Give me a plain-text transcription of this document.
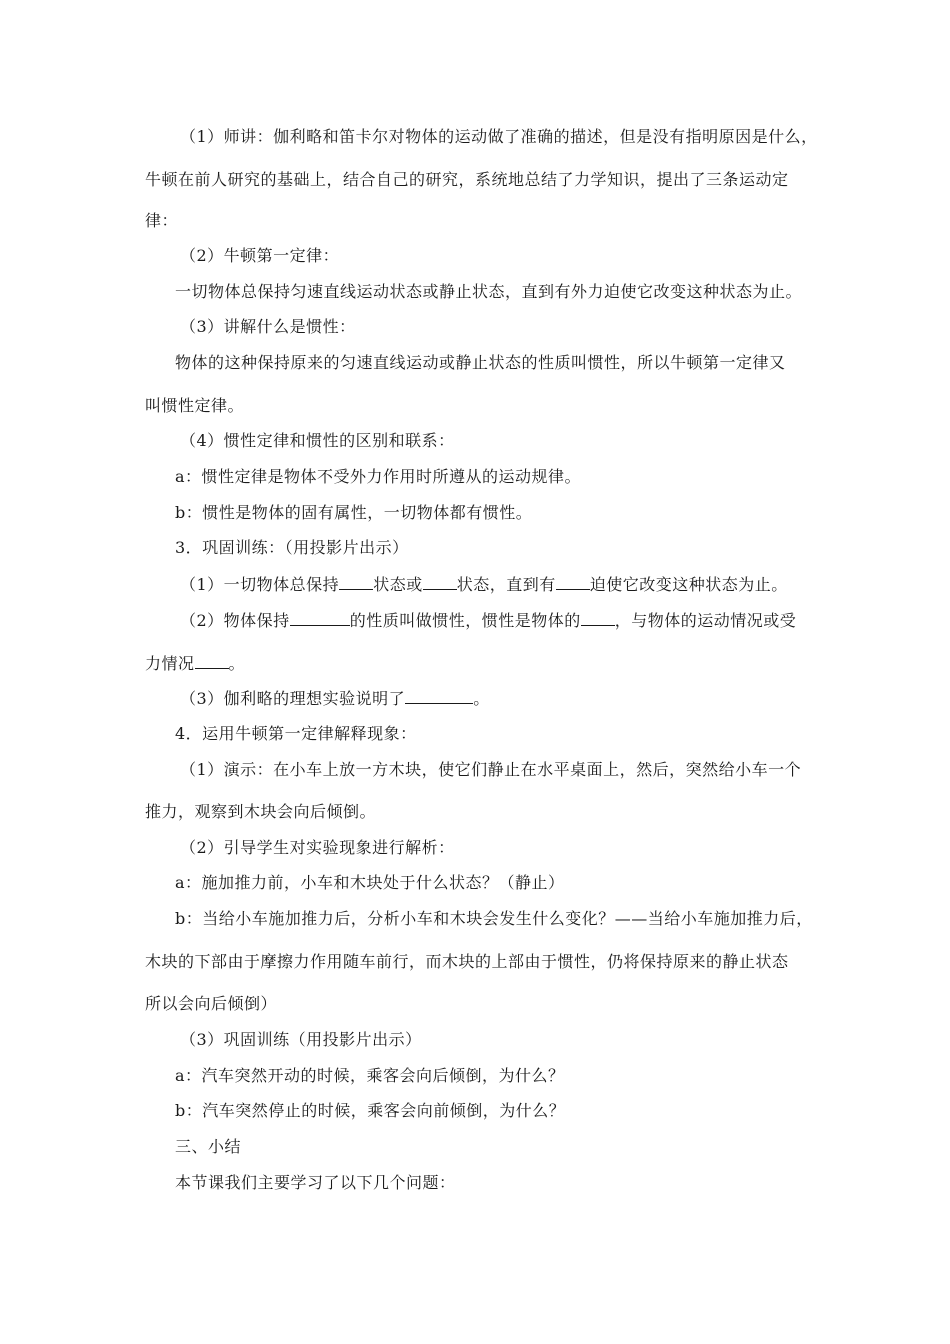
（1）师讲：伽利略和笛卡尔对物体的运动做了准确的描述，但是没有指明原因是什么，
牛顿在前人研究的基础上，结合自己的研究，系统地总结了力学知识，提出了三条运动定
律：
（2）牛顿第一定律：
一切物体总保持匀速直线运动状态或静止状态，直到有外力迫使它改变这种状态为止。
（3）讲解什么是惯性：
物体的这种保持原来的匀速直线运动或静止状态的性质叫惯性，所以牛顿第一定律又
叫惯性定律。
（4）惯性定律和惯性的区别和联系：
a：惯性定律是物体不受外力作用时所遵从的运动规律。
b：惯性是物体的固有属性，一切物体都有惯性。
3．巩固训练：（用投影片出示）
（1）一切物体总保持 状态或 状态，直到有 迫使它改变这种状态为止。
（2）物体保持	的性质叫做惯性，惯性是物体的 ，与物体的运动情况或受
力情况 。
（3）伽利略的理想实验说明了	。
4．运用牛顿第一定律解释现象：
（1）演示：在小车上放一方木块，使它们静止在水平桌面上，然后，突然给小车一个
推力，观察到木块会向后倾倒。
（2）引导学生对实验现象进行解析：
a：施加推力前，小车和木块处于什么状态？（静止）
b：当给小车施加推力后，分析小车和木块会发生什么变化？——当给小车施加推力后，
木块的下部由于摩擦力作用随车前行，而木块的上部由于惯性，仍将保持原来的静止状态
所以会向后倾倒）
（3）巩固训练（用投影片出示）
a：汽车突然开动的时候，乘客会向后倾倒，为什么？
b：汽车突然停止的时候，乘客会向前倾倒，为什么？
三、小结
本节课我们主要学习了以下几个问题：
